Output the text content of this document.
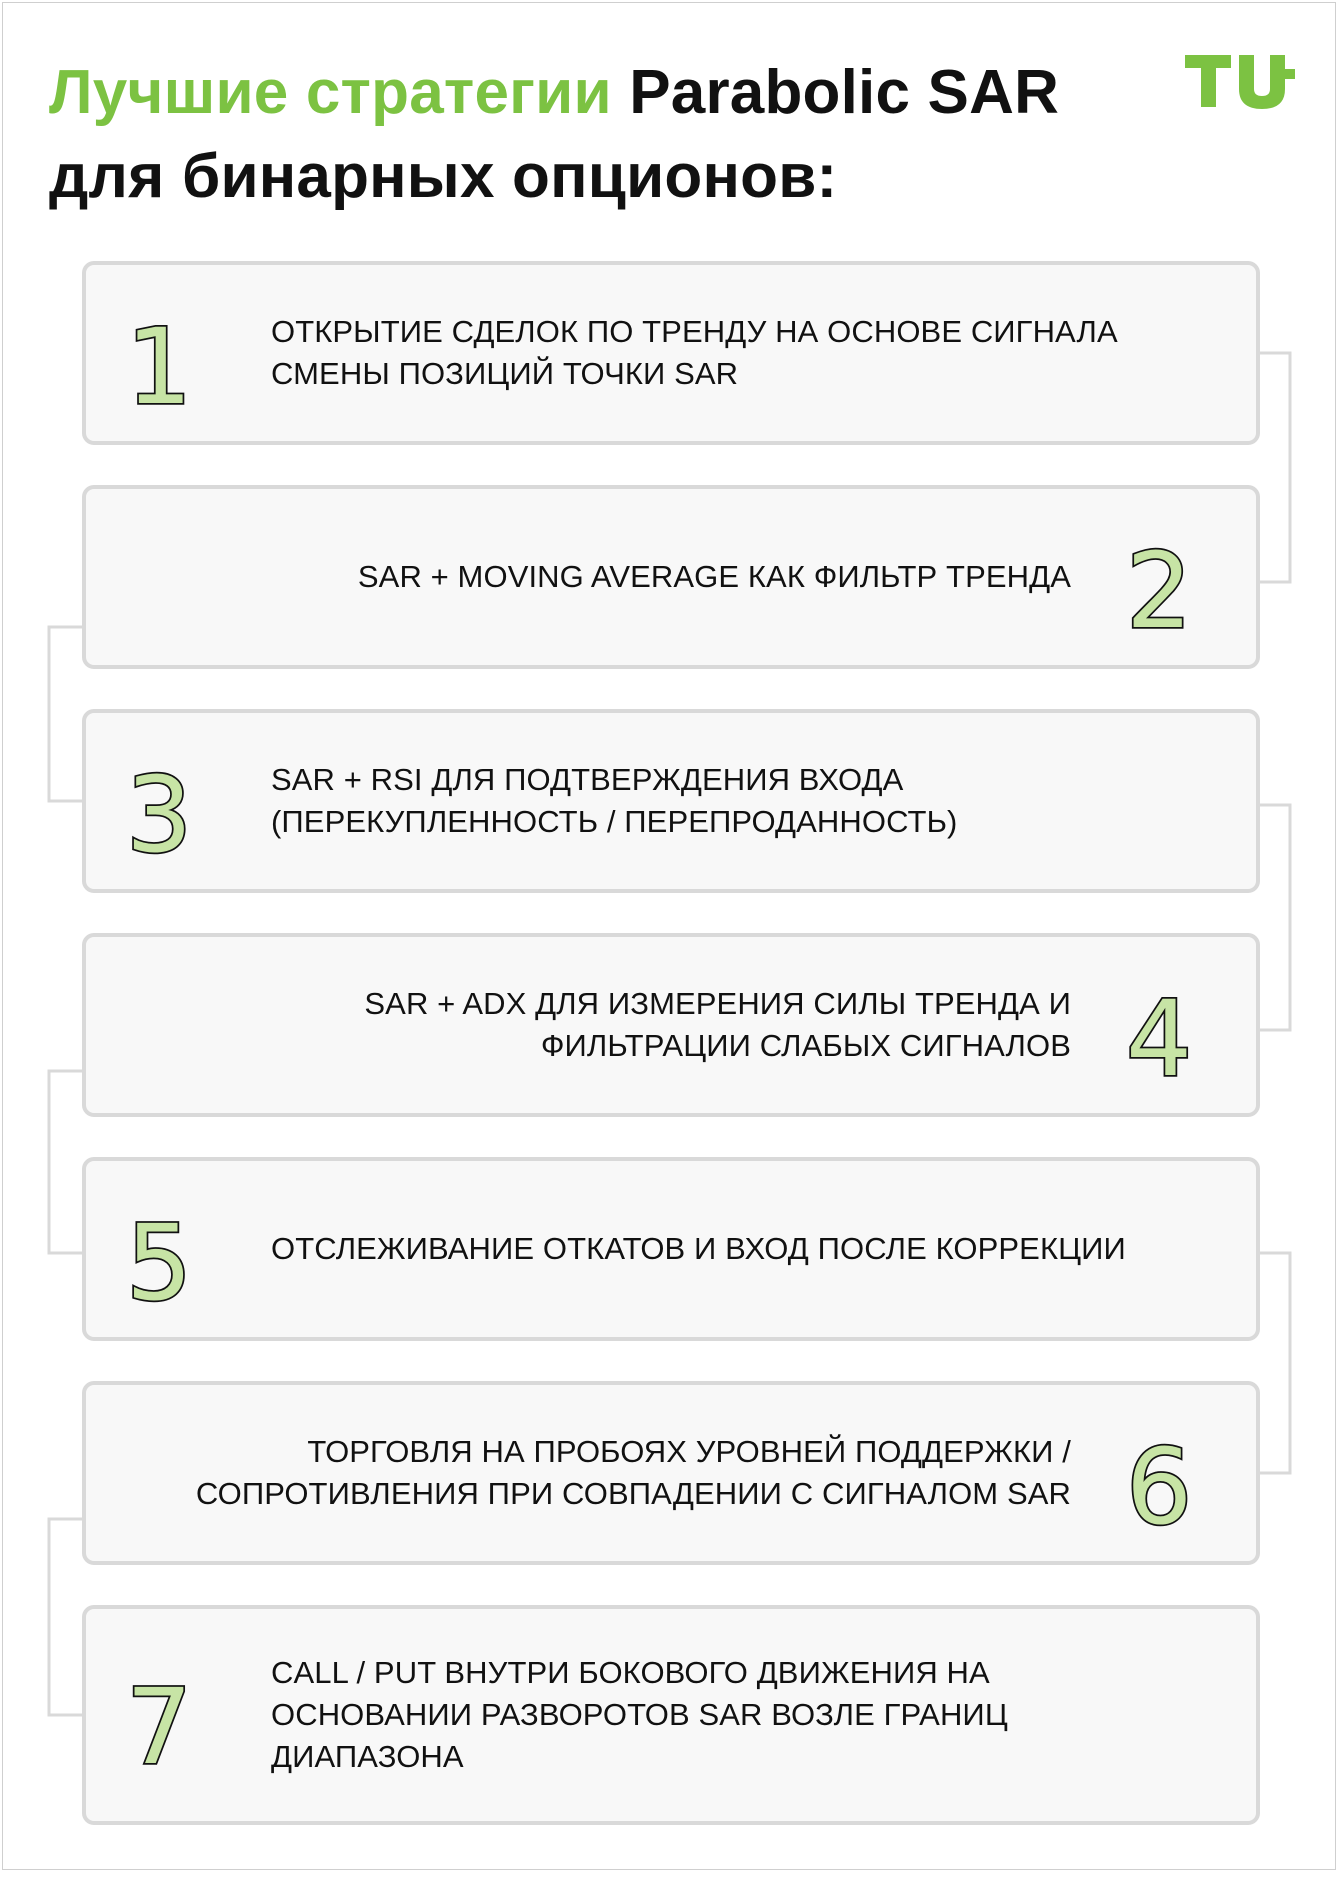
Лучшие стратегии Parabolic SAR
для бинарных опционов:
1	ОТКРЫТИЕ СДЕЛОК ПО ТРЕНДУ НА ОСНОВЕ СИГНАЛА
СМЕНЫ ПОЗИЦИЙ ТОЧКИ SAR
2
SAR + MOVING AVERAGE КАК ФИЛЬТР ТРЕНДА
3	SAR + RSI ДЛЯ ПОДТВЕРЖДЕНИЯ ВХОДА
(ПЕРЕКУПЛЕННОСТЬ / ПЕРЕПРОДАННОСТЬ)
4
SAR + ADX ДЛЯ ИЗМЕРЕНИЯ СИЛЫ ТРЕНДА И
ФИЛЬТРАЦИИ СЛАБЫХ СИГНАЛОВ
5	ОТСЛЕЖИВАНИЕ ОТКАТОВ И ВХОД ПОСЛЕ КОРРЕКЦИИ
6
ТОРГОВЛЯ НА ПРОБОЯХ УРОВНЕЙ ПОДДЕРЖКИ /
СОПРОТИВЛЕНИЯ ПРИ СОВПАДЕНИИ С СИГНАЛОМ SAR
7	CALL / PUT ВНУТРИ БОКОВОГО ДВИЖЕНИЯ НА
ОСНОВАНИИ РАЗВОРОТОВ SAR ВОЗЛЕ ГРАНИЦ
ДИАПАЗОНА
